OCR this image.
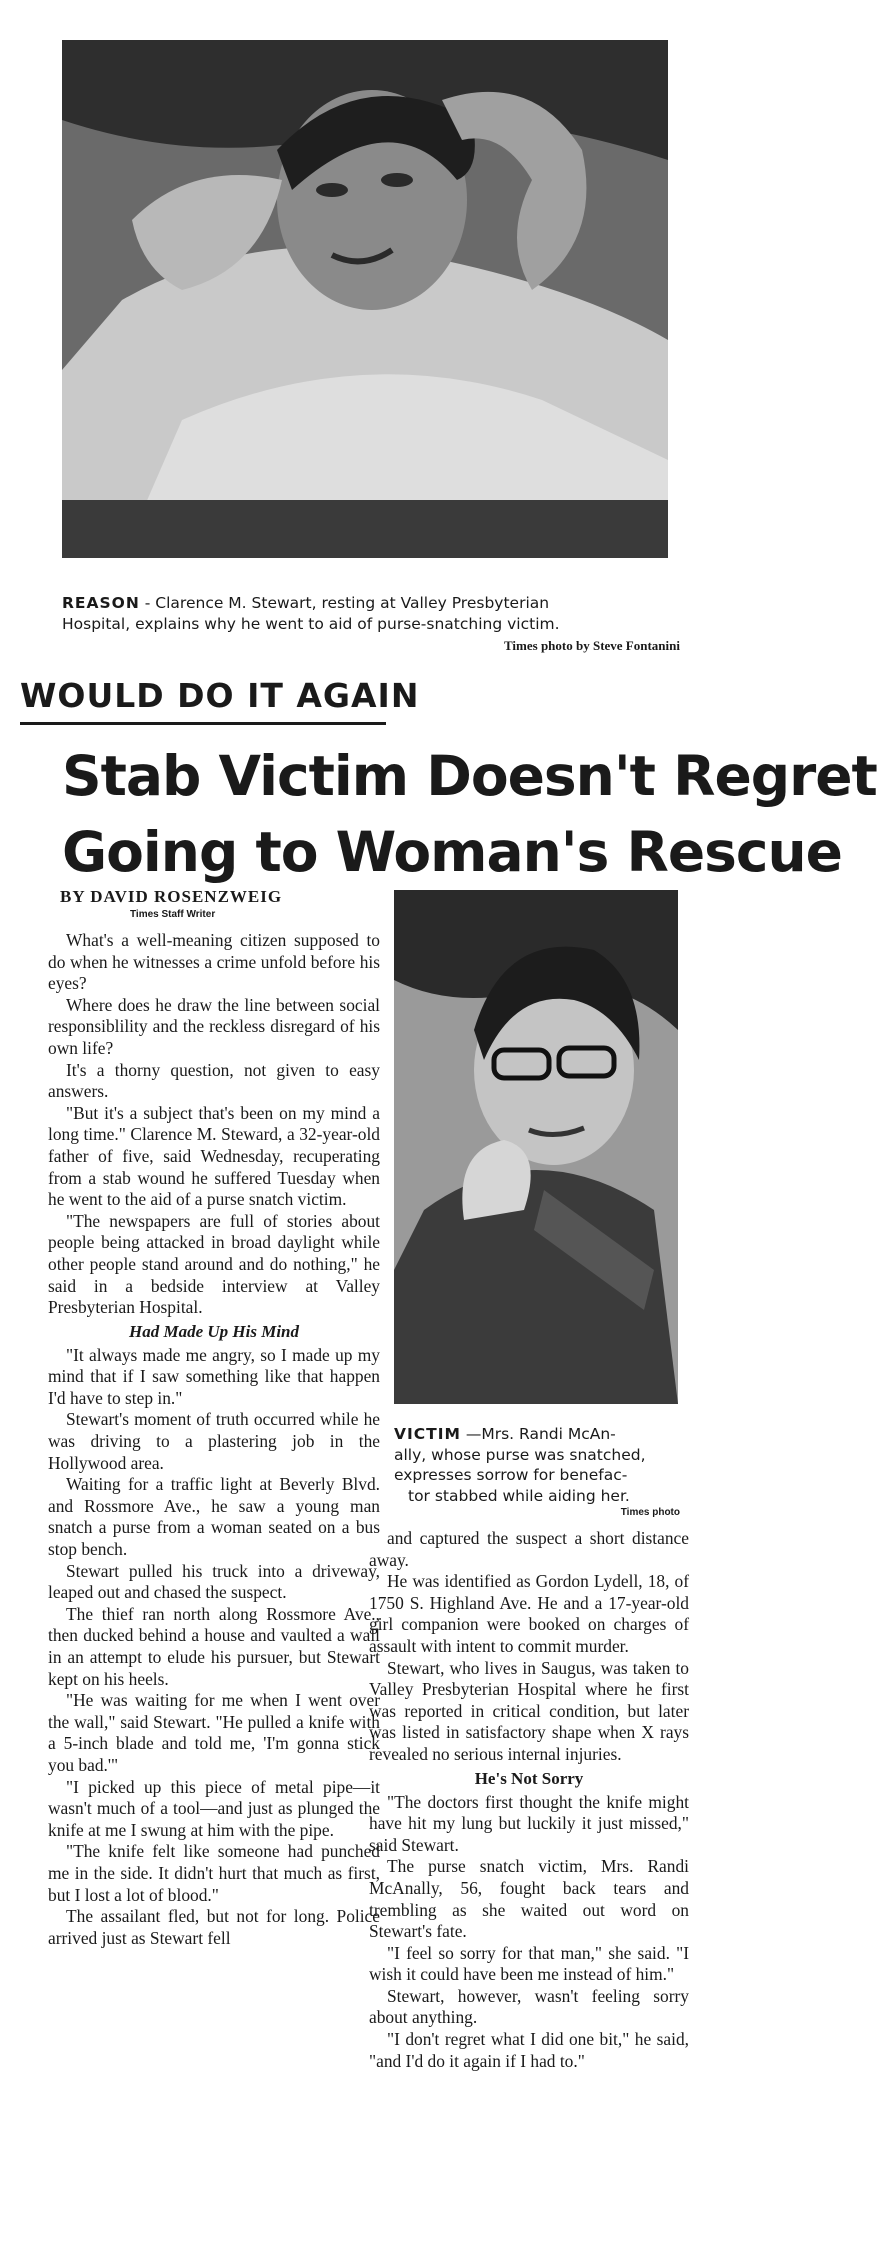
REASON - Clarence M. Stewart, resting at Valley Presbyterian
Hospital, explains why he went to aid of purse-snatching victim.
Times photo by Steve Fontanini
WOULD DO IT AGAIN
Stab Victim Doesn't Regret
Going to Woman's Rescue
BY DAVID ROSENZWEIG
Times Staff Writer

What's a well-meaning citizen supposed to do when he witnesses a crime unfold before his eyes?

Where does he draw the line between social responsiblility and the reckless disregard of his own life?

It's a thorny question, not given to easy answers.

"But it's a subject that's been on my mind a long time." Clarence M. Steward, a 32-year-old father of five, said Wednesday, recuperating from a stab wound he suffered Tuesday when he went to the aid of a purse snatch victim.

"The newspapers are full of stories about people being attacked in broad daylight while other people stand around and do nothing," he said in a bedside interview at Valley Presbyterian Hospital.

Had Made Up His Mind

"It always made me angry, so I made up my mind that if I saw something like that happen I'd have to step in."

Stewart's moment of truth occurred while he was driving to a plastering job in the Hollywood area.

Waiting for a traffic light at Beverly Blvd. and Rossmore Ave., he saw a young man snatch a purse from a woman seated on a bus stop bench.

Stewart pulled his truck into a driveway, leaped out and chased the suspect.

The thief ran north along Rossmore Ave., then ducked behind a house and vaulted a wall in an attempt to elude his pursuer, but Stewart kept on his heels.

"He was waiting for me when I went over the wall," said Stewart. "He pulled a knife with a 5-inch blade and told me, 'I'm gonna stick you bad.'"

"I picked up this piece of metal pipe—it wasn't much of a tool—and just as plunged the knife at me I swung at him with the pipe.

"The knife felt like someone had punched me in the side. It didn't hurt that much as first, but I lost a lot of blood."

The assailant fled, but not for long. Police arrived just as Stewart fell

VICTIM —Mrs. Randi McAn-
ally, whose purse was snatched,
expresses sorrow for benefac-
tor stabbed while aiding her.
Times photo

and captured the suspect a short distance away.

He was identified as Gordon Lydell, 18, of 1750 S. Highland Ave. He and a 17-year-old girl companion were booked on charges of assault with intent to commit murder.

Stewart, who lives in Saugus, was taken to Valley Presbyterian Hospital where he first was reported in critical condition, but later was listed in satisfactory shape when X rays revealed no serious internal injuries.

He's Not Sorry

"The doctors first thought the knife might have hit my lung but luckily it just missed," said Stewart.

The purse snatch victim, Mrs. Randi McAnally, 56, fought back tears and trembling as she waited out word on Stewart's fate.

"I feel so sorry for that man," she said. "I wish it could have been me instead of him."

Stewart, however, wasn't feeling sorry about anything.

"I don't regret what I did one bit," he said, "and I'd do it again if I had to."
